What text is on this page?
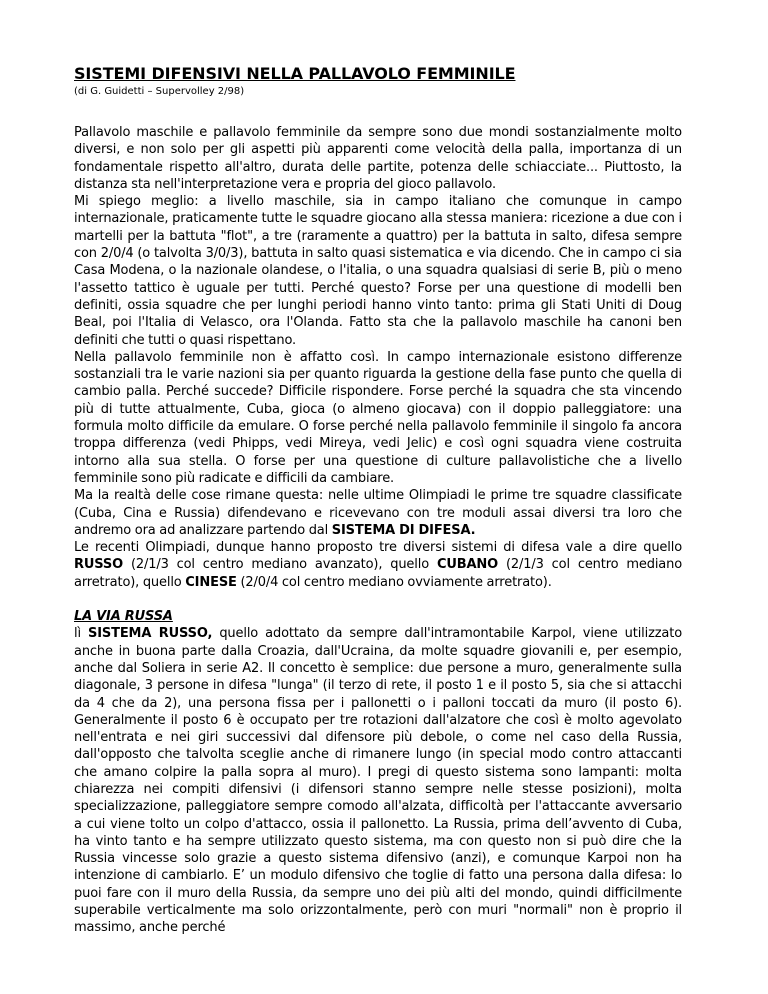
SISTEMI DIFENSIVI NELLA PALLAVOLO FEMMINILE
(di G. Guidetti – Supervolley 2/98)

Pallavolo maschile e pallavolo femminile da sempre sono due mondi sostanzialmente molto diversi, e non solo per gli aspetti più apparenti come velocità della palla, importanza di un fondamentale rispetto all'altro, durata delle partite, potenza delle schiacciate... Piuttosto, la distanza sta nell'interpretazione vera e propria del gioco pallavolo.

Mi spiego meglio: a livello maschile, sia in campo italiano che comunque in campo internazionale, praticamente tutte le squadre giocano alla stessa maniera: ricezione a due con i martelli per la battuta "flot", a tre (raramente a quattro) per la battuta in salto, difesa sempre con 2/0/4 (o talvolta 3/0/3), battuta in salto quasi sistematica e via dicendo. Che in campo ci sia Casa Modena, o la nazionale olandese, o l'italia, o una squadra qualsiasi di serie B, più o meno l'assetto tattico è uguale per tutti. Perché questo? Forse per una questione di modelli ben definiti, ossia squadre che per lunghi periodi hanno vinto tanto: prima gli Stati Uniti di Doug Beal, poi l'Italia di Velasco, ora l'Olanda. Fatto sta che la pallavolo maschile ha canoni ben definiti che tutti o quasi rispettano.

Nella pallavolo femminile non è affatto così. In campo internazionale esistono differenze sostanziali tra le varie nazioni sia per quanto riguarda la gestione della fase punto che quella di cambio palla. Perché succede? Difficile rispondere. Forse perché la squadra che sta vincendo più di tutte attualmente, Cuba, gioca (o almeno giocava) con il doppio palleggiatore: una formula molto difficile da emulare. O forse perché nella pallavolo femminile il singolo fa ancora troppa differenza (vedi Phipps, vedi Mireya, vedi Jelic) e così ogni squadra viene costruita intorno alla sua stella. O forse per una questione di culture pallavolistiche che a livello femminile sono più radicate e difficili da cambiare.

Ma la realtà delle cose rimane questa: nelle ultime Olimpiadi le prime tre squadre classificate (Cuba, Cina e Russia) difendevano e ricevevano con tre moduli assai diversi tra loro che andremo ora ad analizzare partendo dal SISTEMA DI DIFESA.

Le recenti Olimpiadi, dunque hanno proposto tre diversi sistemi di difesa vale a dire quello RUSSO (2/1/3 col centro mediano avanzato), quello CUBANO (2/1/3 col centro mediano arretrato), quello CINESE (2/0/4 col centro mediano ovviamente arretrato).

LA VIA RUSSA

lì SISTEMA RUSSO, quello adottato da sempre dall'intramontabile Karpol, viene utilizzato anche in buona parte dalla Croazia, dall'Ucraina, da molte squadre giovanili e, per esempio, anche dal Soliera in serie A2. Il concetto è semplice: due persone a muro, generalmente sulla diagonale, 3 persone in difesa "lunga" (il terzo di rete, il posto 1 e il posto 5, sia che si attacchi da 4 che da 2), una persona fissa per i pallonetti o i palloni toccati da muro (il posto 6). Generalmente il posto 6 è occupato per tre rotazioni dall'alzatore che così è molto agevolato nell'entrata e nei giri successivi dal difensore più debole, o come nel caso della Russia, dall'opposto che talvolta sceglie anche di rimanere lungo (in special modo contro attaccanti che amano colpire la palla sopra al muro). I pregi di questo sistema sono lampanti: molta chiarezza nei compiti difensivi (i difensori stanno sempre nelle stesse posizioni), molta specializzazione, palleggiatore sempre comodo all'alzata, difficoltà per l'attaccante avversario a cui viene tolto un colpo d'attacco, ossia il pallonetto. La Russia, prima dell’avvento di Cuba, ha vinto tanto e ha sempre utilizzato questo sistema, ma con questo non si può dire che la Russia vincesse solo grazie a questo sistema difensivo (anzi), e comunque Karpoi non ha intenzione di cambiarlo. E’ un modulo difensivo che toglie di fatto una persona dalla difesa: lo puoi fare con il muro della Russia, da sempre uno dei più alti del mondo, quindi difficilmente superabile verticalmente ma solo orizzontalmente, però con muri "normali" non è proprio il massimo, anche perché
